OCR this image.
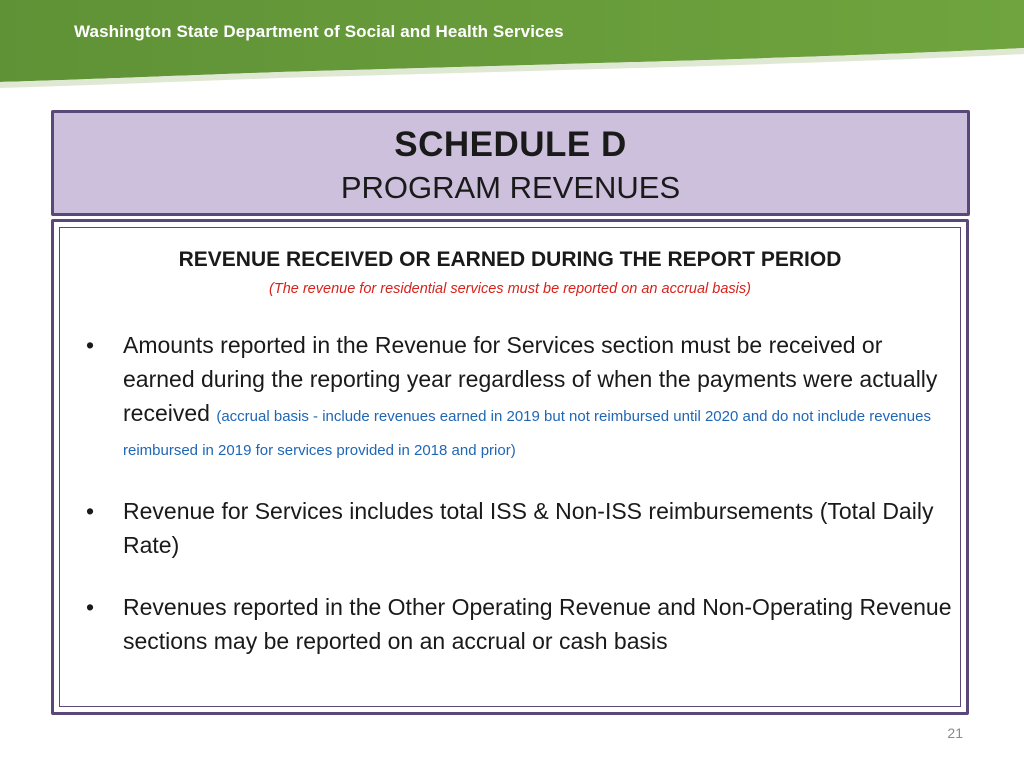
Washington State Department of Social and Health Services
SCHEDULE D
PROGRAM REVENUES
REVENUE RECEIVED OR EARNED DURING THE REPORT PERIOD
(The revenue for residential services must be reported on an accrual basis)
• Amounts reported in the Revenue for Services section must be received or earned during the reporting year regardless of when the payments were actually received (accrual basis - include revenues earned in 2019 but not reimbursed until 2020 and do not include revenues reimbursed in 2019 for services provided in 2018 and prior)
• Revenue for Services includes total ISS & Non-ISS reimbursements (Total Daily Rate)
• Revenues reported in the Other Operating Revenue and Non-Operating Revenue sections may be reported on an accrual or cash basis
21
